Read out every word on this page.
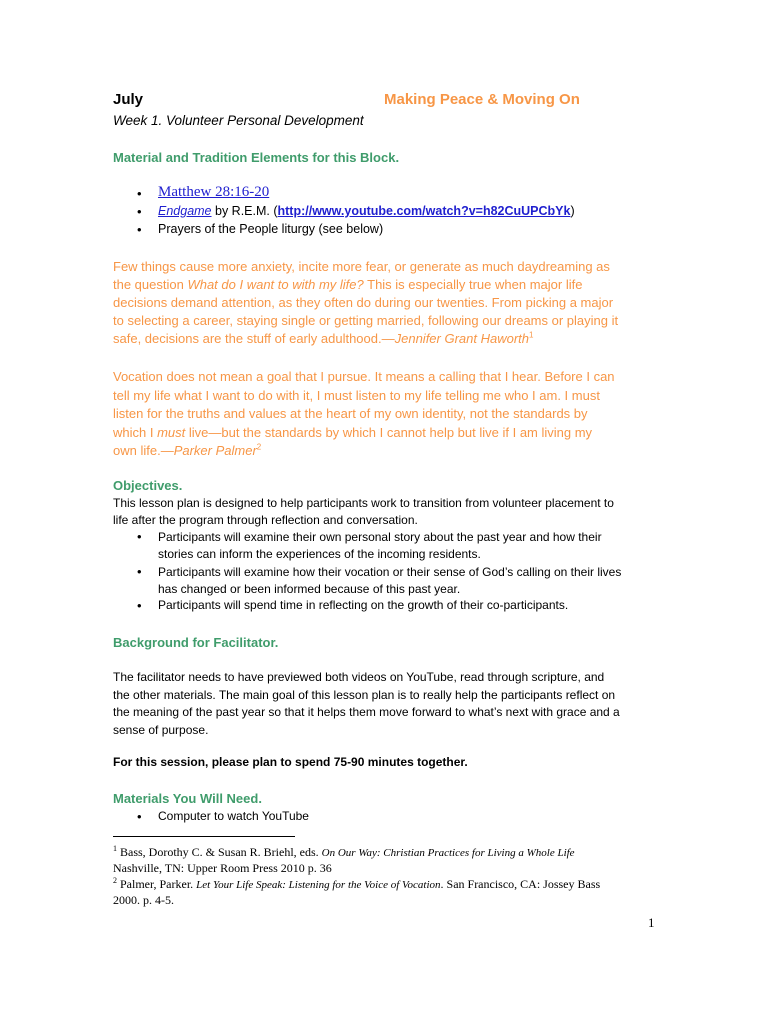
July	Making Peace & Moving On
Week 1. Volunteer Personal Development
Material and Tradition Elements for this Block.
• Matthew 28:16-20
• Endgame by R.E.M. (http://www.youtube.com/watch?v=h82CuUPCbYk)
• Prayers of the People liturgy (see below)
Few things cause more anxiety, incite more fear, or generate as much daydreaming as
the question What do I want to with my life? This is especially true when major life
decisions demand attention, as they often do during our twenties. From picking a major
to selecting a career, staying single or getting married, following our dreams or playing it
safe, decisions are the stuff of early adulthood.—Jennifer Grant Haworth$^1$
Vocation does not mean a goal that I pursue. It means a calling that I hear. Before I can
tell my life what I want to do with it, I must listen to my life telling me who I am. I must
listen for the truths and values at the heart of my own identity, not the standards by
which I must live—but the standards by which I cannot help but live if I am living my
own life.—Parker Palmer$^2$
Objectives.
This lesson plan is designed to help participants work to transition from volunteer placement to
life after the program through reflection and conversation.
• Participants will examine their own personal story about the past year and how their
stories can inform the experiences of the incoming residents.
• Participants will examine how their vocation or their sense of God’s calling on their lives
has changed or been informed because of this past year.
• Participants will spend time in reflecting on the growth of their co-participants.
Background for Facilitator.
The facilitator needs to have previewed both videos on YouTube, read through scripture, and
the other materials. The main goal of this lesson plan is to really help the participants reflect on
the meaning of the past year so that it helps them move forward to what’s next with grace and a
sense of purpose.
For this session, please plan to spend 75-90 minutes together.
Materials You Will Need.
• Computer to watch YouTube
$^1$ Bass, Dorothy C. & Susan R. Briehl, eds. On Our Way: Christian Practices for Living a Whole Life
Nashville, TN: Upper Room Press 2010 p. 36
$^2$ Palmer, Parker. Let Your Life Speak: Listening for the Voice of Vocation. San Francisco, CA: Jossey Bass
2000. p. 4-5.
1
